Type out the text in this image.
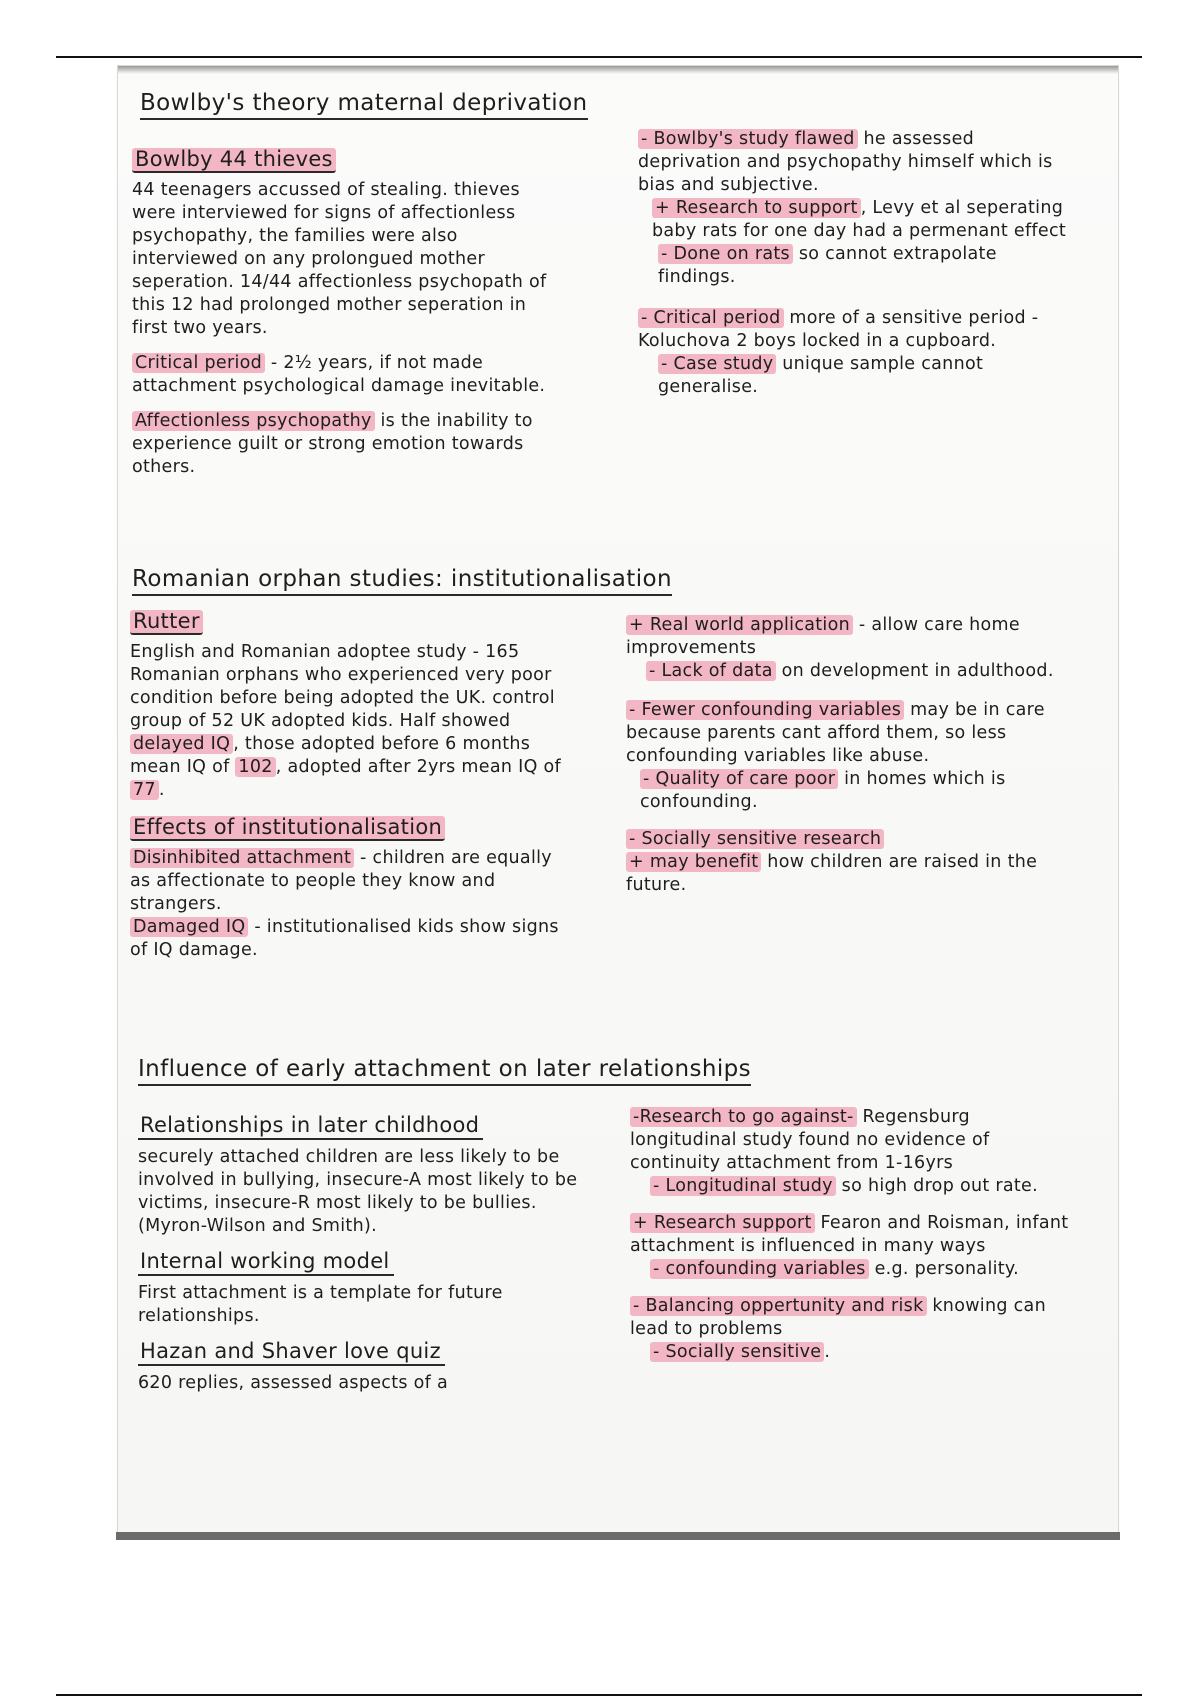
Bowlby's theory maternal deprivation
Bowlby 44 thieves

44 teenagers accussed of stealing. thieves were interviewed for signs of affectionless psychopathy, the families were also interviewed on any prolongued mother seperation. 14/44 affectionless psychopath of this 12 had prolonged mother seperation in first two years.

Critical period - 2½ years, if not made attachment psychological damage inevitable.

Affectionless psychopathy is the inability to experience guilt or strong emotion towards others.

- Bowlby's study flawed he assessed deprivation and psychopathy himself which is bias and subjective.

+ Research to support , Levy et al seperating baby rats for one day had a permenant effect

- Done on rats so cannot extrapolate findings.

- Critical period more of a sensitive period - Koluchova 2 boys locked in a cupboard.

- Case study unique sample cannot generalise.

Romanian orphan studies: institutionalisation
Rutter

English and Romanian adoptee study - 165 Romanian orphans who experienced very poor condition before being adopted the UK. control group of 52 UK adopted kids. Half showed delayed IQ , those adopted before 6 months mean IQ of 102 , adopted after 2yrs mean IQ of 77 .

Effects of institutionalisation

Disinhibited attachment - children are equally as affectionate to people they know and strangers.

Damaged IQ - institutionalised kids show signs of IQ damage.

+ Real world application - allow care home improvements

- Lack of data on development in adulthood.

- Fewer confounding variables may be in care because parents cant afford them, so less confounding variables like abuse.

- Quality of care poor in homes which is confounding.

- Socially sensitive research

+ may benefit how children are raised in the future.

Influence of early attachment on later relationships
Relationships in later childhood

securely attached children are less likely to be involved in bullying, insecure-A most likely to be victims, insecure-R most likely to be bullies. (Myron-Wilson and Smith).

Internal working model

First attachment is a template for future relationships.

Hazan and Shaver love quiz

620 replies, assessed aspects of a

-Research to go against- Regensburg longitudinal study found no evidence of continuity attachment from 1-16yrs

- Longitudinal study so high drop out rate.

+ Research support Fearon and Roisman, infant attachment is influenced in many ways

- confounding variables e.g. personality.

- Balancing oppertunity and risk knowing can lead to problems

- Socially sensitive .
